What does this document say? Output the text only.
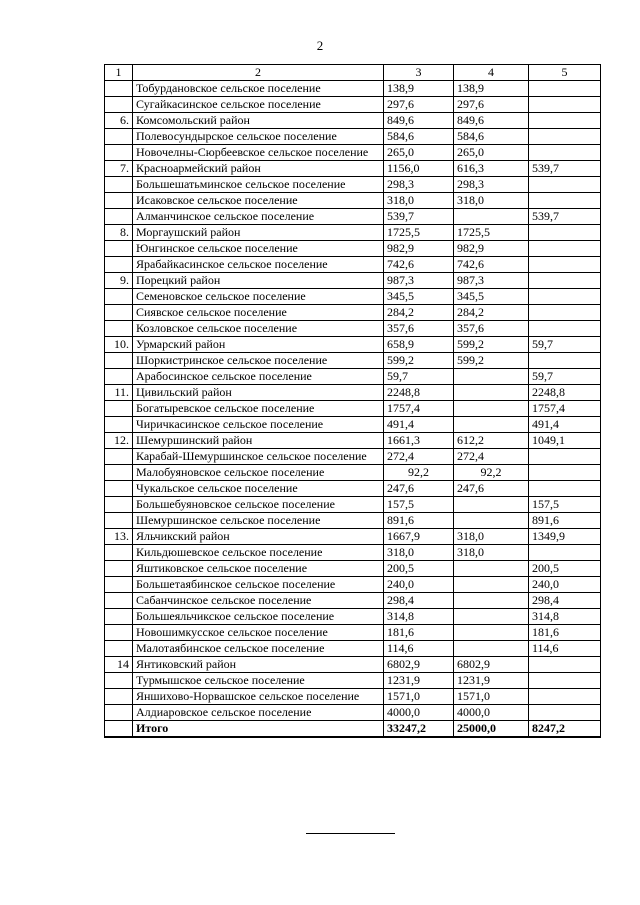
2
1	2	3	4	5
	Тобурдановское сельское поселение	138,9	138,9	
	Сугайкасинское сельское поселение	297,6	297,6	
6.	Комсомольский район	849,6	849,6	
	Полевосундырское сельское поселение	584,6	584,6	
	Новочелны-Сюрбеевское сельское поселение	265,0	265,0	
7.	Красноармейский район	1156,0	616,3	539,7
	Большешатьминское сельское поселение	298,3	298,3	
	Исаковское сельское поселение	318,0	318,0	
	Алманчинское сельское поселение	539,7		539,7
8.	Моргаушский район	1725,5	1725,5	
	Юнгинское сельское поселение	982,9	982,9	
	Ярабайкасинское сельское поселение	742,6	742,6	
9.	Порецкий район	987,3	987,3	
	Семеновское сельское поселение	345,5	345,5	
	Сиявское сельское поселение	284,2	284,2	
	Козловское сельское поселение	357,6	357,6	
10.	Урмарский район	658,9	599,2	59,7
	Шоркистринское сельское поселение	599,2	599,2	
	Арабосинское сельское поселение	59,7		59,7
11.	Цивильский район	2248,8		2248,8
	Богатыревское сельское поселение	1757,4		1757,4
	Чиричкасинское сельское поселение	491,4		491,4
12.	Шемуршинский район	1661,3	612,2	1049,1
	Карабай-Шемуршинское сельское поселение	272,4	272,4	
	Малобуяновское сельское поселение	92,2	92,2	
	Чукальское сельское поселение	247,6	247,6	
	Большебуяновское сельское поселение	157,5		157,5
	Шемуршинское сельское поселение	891,6		891,6
13.	Яльчикский район	1667,9	318,0	1349,9
	Кильдюшевское сельское поселение	318,0	318,0	
	Яштиковское сельское поселение	200,5		200,5
	Большетаябинское сельское поселение	240,0		240,0
	Сабанчинское сельское поселение	298,4		298,4
	Большеяльчикское сельское поселение	314,8		314,8
	Новошимкусское сельское поселение	181,6		181,6
	Малотаябинское сельское поселение	114,6		114,6
14	Янтиковский район	6802,9	6802,9	
	Турмышское сельское поселение	1231,9	1231,9	
	Яншихово-Норвашское сельское поселение	1571,0	1571,0	
	Алдиаровское сельское поселение	4000,0	4000,0	
	Итого	33247,2	25000,0	8247,2
